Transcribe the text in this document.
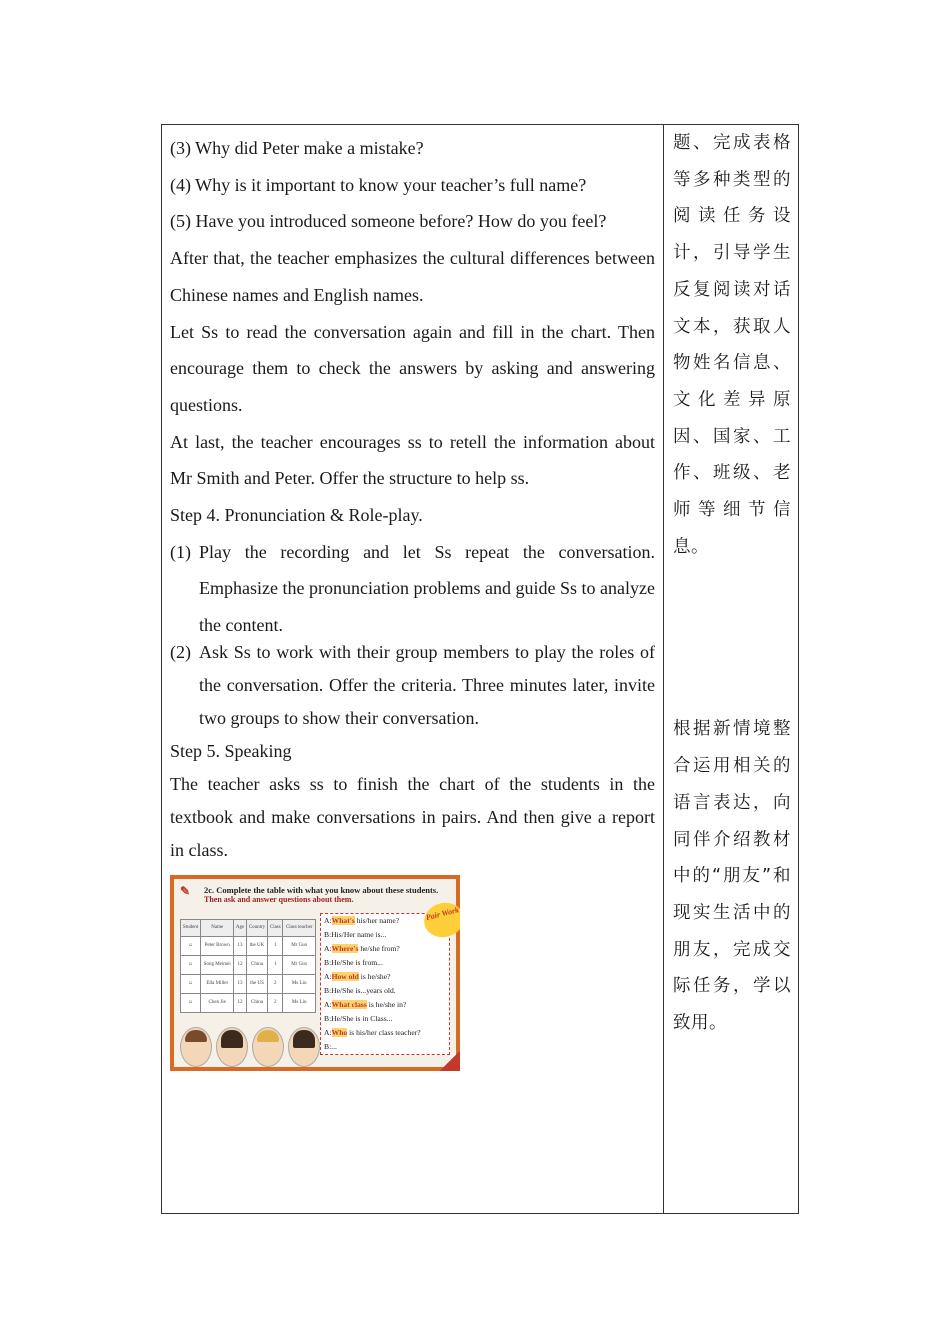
(3) Why did Peter make a mistake?

(4) Why is it important to know your teacher’s full name?

(5) Have you introduced someone before? How do you feel?

After that, the teacher emphasizes the cultural differences between Chinese names and English names.

Let Ss to read the conversation again and fill in the chart. Then encourage them to check the answers by asking and answering questions.

At last, the teacher encourages ss to retell the information about Mr Smith and Peter. Offer the structure to help ss.

Step 4. Pronunciation & Role-play.

(1) Play the recording and let Ss repeat the conversation. Emphasize the pronunciation problems and guide Ss to analyze the content.
(2) Ask Ss to work with their group members to play the roles of the conversation. Offer the criteria. Three minutes later, invite two groups to show their conversation.

Step 5. Speaking

The teacher asks ss to finish the chart of the students in the textbook and make conversations in pairs. And then give a report in class.

✎	2c. Complete the table with what you know about these students.
Then ask and answer questions about them.
Student	Name	Age	Country	Class	Class teacher
☺	Peter Brown	13	the UK	1	Mr Guo
☺	Song Meimei	12	China	1	Mr Guo
☺	Ella Miller	13	the US	2	Ms Liu
☺	Chen Jie	12	China	2	Ms Liu
A:What's his/her name?
B:His/Her name is...
A:Where's he/she from?
B:He/She is from...
A:How old is he/she?
B:He/She is...years old.
A:What class is he/she in?
B:He/She is in Class...
A:Who is his/her class teacher?
B:...
Pair Work

题、完成表格等多种类型的阅读任务设计，引导学生反复阅读对话文本，获取人物姓名信息、文化差异原因、国家、工作、班级、老师等细节信息。

根据新情境整合运用相关的语言表达，向同伴介绍教材中的“朋友”和现实生活中的朋友，完成交际任务，学以致用。
